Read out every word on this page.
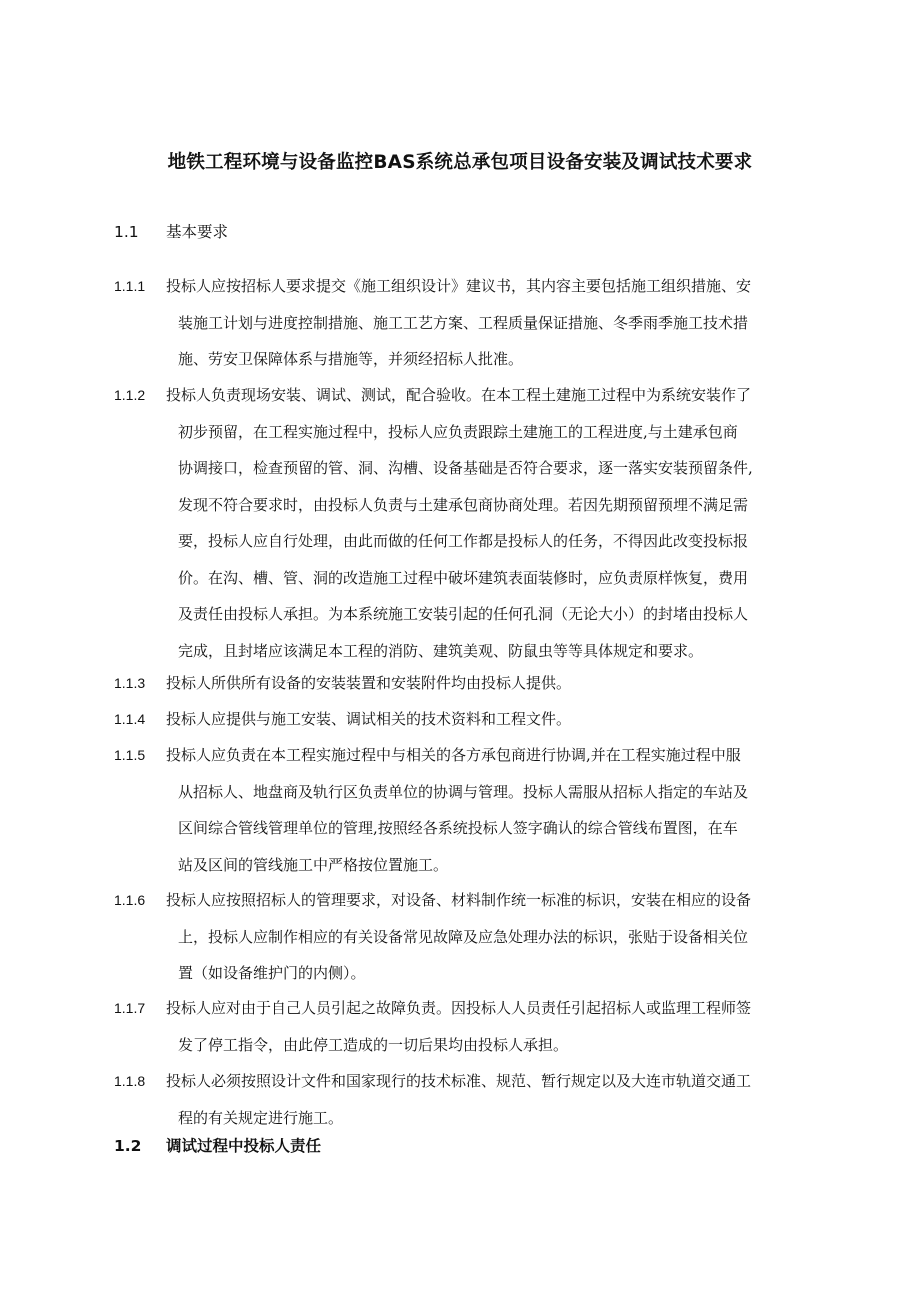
地铁工程环境与设备监控BAS系统总承包项目设备安装及调试技术要求
1.1 基本要求
1.1.1 投标人应按招标人要求提交《施工组织设计》建议书，其内容主要包括施工组织措施、安
装施工计划与进度控制措施、施工工艺方案、工程质量保证措施、冬季雨季施工技术措
施、劳安卫保障体系与措施等，并须经招标人批准。
1.1.2 投标人负责现场安装、调试、测试，配合验收。在本工程土建施工过程中为系统安装作了
初步预留，在工程实施过程中，投标人应负责跟踪土建施工的工程进度,与土建承包商
协调接口，检查预留的管、洞、沟槽、设备基础是否符合要求，逐一落实安装预留条件,
发现不符合要求时，由投标人负责与土建承包商协商处理。若因先期预留预埋不满足需
要，投标人应自行处理，由此而做的任何工作都是投标人的任务，不得因此改变投标报
价。在沟、槽、管、洞的改造施工过程中破坏建筑表面装修时，应负责原样恢复，费用
及责任由投标人承担。为本系统施工安装引起的任何孔洞（无论大小）的封堵由投标人
完成，且封堵应该满足本工程的消防、建筑美观、防鼠虫等等具体规定和要求。
1.1.3 投标人所供所有设备的安装装置和安装附件均由投标人提供。
1.1.4 投标人应提供与施工安装、调试相关的技术资料和工程文件。
1.1.5 投标人应负责在本工程实施过程中与相关的各方承包商进行协调,并在工程实施过程中服
从招标人、地盘商及轨行区负责单位的协调与管理。投标人需服从招标人指定的车站及
区间综合管线管理单位的管理,按照经各系统投标人签字确认的综合管线布置图，在车
站及区间的管线施工中严格按位置施工。
1.1.6 投标人应按照招标人的管理要求，对设备、材料制作统一标准的标识，安装在相应的设备
上，投标人应制作相应的有关设备常见故障及应急处理办法的标识，张贴于设备相关位
置（如设备维护门的内侧）。
1.1.7 投标人应对由于自己人员引起之故障负责。因投标人人员责任引起招标人或监理工程师签
发了停工指令，由此停工造成的一切后果均由投标人承担。
1.1.8 投标人必须按照设计文件和国家现行的技术标准、规范、暂行规定以及大连市轨道交通工
程的有关规定进行施工。
1.2 调试过程中投标人责任
